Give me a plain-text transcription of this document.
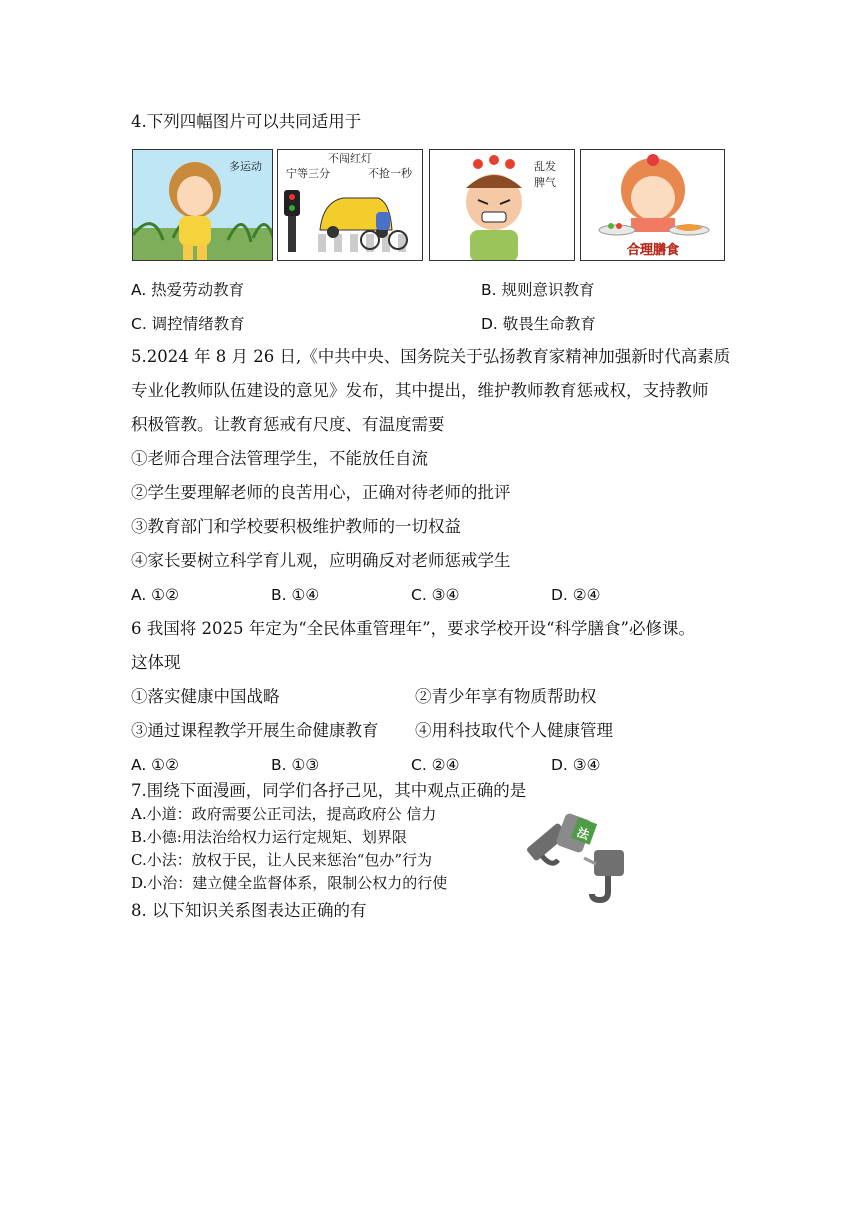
4.下列四幅图片可以共同适用于
多运动
不闯红灯
宁等三分	不抢一秒
乱发
脾气
合理膳食
A. 热爱劳动教育	B. 规则意识教育
C. 调控情绪教育	D. 敬畏生命教育
5.2024 年 8 月 26 日,《中共中央、国务院关于弘扬教育家精神加强新时代高素质
专业化教师队伍建设的意见》发布，其中提出，维护教师教育惩戒权，支持教师
积极管教。让教育惩戒有尺度、有温度需要
①老师合理合法管理学生，不能放任自流
②学生要理解老师的良苦用心，正确对待老师的批评
③教育部门和学校要积极维护教师的一切权益
④家长要树立科学育儿观，应明确反对老师惩戒学生
A. ①②	B. ①④	C. ③④	D. ②④
6 我国将 2025 年定为“全民体重管理年”，要求学校开设“科学膳食”必修课。
这体现
①落实健康中国战略	②青少年享有物质帮助权
③通过课程教学开展生命健康教育 ④用科技取代个人健康管理
A. ①②	B. ①③	C. ②④	D. ③④
7.围绕下面漫画，同学们各抒己见，其中观点正确的是
A.小道：政府需要公正司法，提高政府公 信力
B.小德:用法治给权力运行定规矩、划界限
C.小法：放权于民，让人民来惩治“包办”行为
D.小治：建立健全监督体系，限制公权力的行使
法
8. 以下知识关系图表达正确的有
